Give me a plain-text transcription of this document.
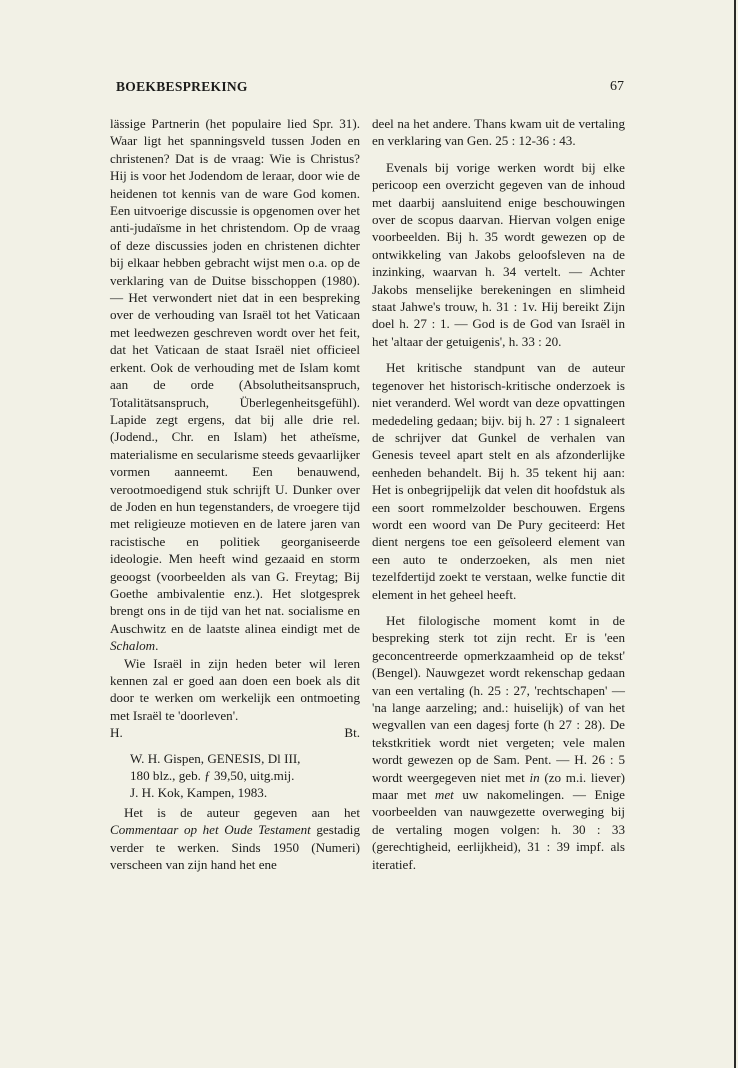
BOEKBESPREKING	67

lässige Partnerin (het populaire lied Spr. 31). Waar ligt het spanningsveld tussen Joden en christenen? Dat is de vraag: Wie is Christus? Hij is voor het Jodendom de leraar, door wie de heidenen tot kennis van de ware God komen. Een uitvoerige discussie is opgenomen over het anti-judaïsme in het christendom. Op de vraag of deze discussies joden en christenen dichter bij elkaar hebben gebracht wijst men o.a. op de verklaring van de Duitse bisschoppen (1980). — Het verwondert niet dat in een bespreking over de verhouding van Israël tot het Vaticaan met leedwezen geschreven wordt over het feit, dat het Vaticaan de staat Israël niet officieel erkent. Ook de verhouding met de Islam komt aan de orde (Absolutheitsanspruch, Totalitätsanspruch, Überlegenheitsgefühl). Lapide zegt ergens, dat bij alle drie rel. (Jodend., Chr. en Islam) het atheïsme, materialisme en secularisme steeds gevaarlijker vormen aanneemt. Een benauwend, verootmoedigend stuk schrijft U. Dunker over de Joden en hun tegenstanders, de vroegere tijd met religieuze motieven en de latere jaren van racistische en politiek georganiseerde ideologie. Men heeft wind gezaaid en storm geoogst (voorbeelden als van G. Freytag; Bij Goethe ambivalentie enz.). Het slotgesprek brengt ons in de tijd van het nat. socialisme en Auschwitz en de laatste alinea eindigt met de Schalom.

Wie Israël in zijn heden beter wil leren kennen zal er goed aan doen een boek als dit door te werken om werkelijk een ontmoeting met Israël te 'doorleven'.

H.	Bt.

W. H. Gispen, GENESIS, Dl III,
180 blz., geb. ƒ 39,50, uitg.mij.
J. H. Kok, Kampen, 1983.

Het is de auteur gegeven aan het Commentaar op het Oude Testament gestadig verder te werken. Sinds 1950 (Numeri) verscheen van zijn hand het ene

deel na het andere. Thans kwam uit de vertaling en verklaring van Gen. 25 : 12-36 : 43.

Evenals bij vorige werken wordt bij elke pericoop een overzicht gegeven van de inhoud met daarbij aansluitend enige beschouwingen over de scopus daarvan. Hiervan volgen enige voorbeelden. Bij h. 35 wordt gewezen op de ontwikkeling van Jakobs geloofsleven na de inzinking, waarvan h. 34 vertelt. — Achter Jakobs menselijke berekeningen en slimheid staat Jahwe's trouw, h. 31 : 1v. Hij bereikt Zijn doel h. 27 : 1. — God is de God van Israël in het 'altaar der getuigenis', h. 33 : 20.

Het kritische standpunt van de auteur tegenover het historisch-kritische onderzoek is niet veranderd. Wel wordt van deze opvattingen mededeling gedaan; bijv. bij h. 27 : 1 signaleert de schrijver dat Gunkel de verhalen van Genesis teveel apart stelt en als afzonderlijke eenheden behandelt. Bij h. 35 tekent hij aan: Het is onbegrijpelijk dat velen dit hoofdstuk als een soort rommelzolder beschouwen. Ergens wordt een woord van De Pury geciteerd: Het dient nergens toe een geïsoleerd element van een auto te onderzoeken, als men niet tezelfdertijd zoekt te verstaan, welke functie dit element in het geheel heeft.

Het filologische moment komt in de bespreking sterk tot zijn recht. Er is 'een geconcentreerde opmerkzaamheid op de tekst' (Bengel). Nauwgezet wordt rekenschap gedaan van een vertaling (h. 25 : 27, 'rechtschapen' — 'na lange aarzeling; and.: huiselijk) of van het wegvallen van een dagesj forte (h 27 : 28). De tekstkritiek wordt niet vergeten; vele malen wordt gewezen op de Sam. Pent. — H. 26 : 5 wordt weergegeven niet met in (zo m.i. liever) maar met met uw nakomelingen. — Enige voorbeelden van nauwgezette overweging bij de vertaling mogen volgen: h. 30 : 33 (gerechtigheid, eerlijkheid), 31 : 39 impf. als iteratief.
